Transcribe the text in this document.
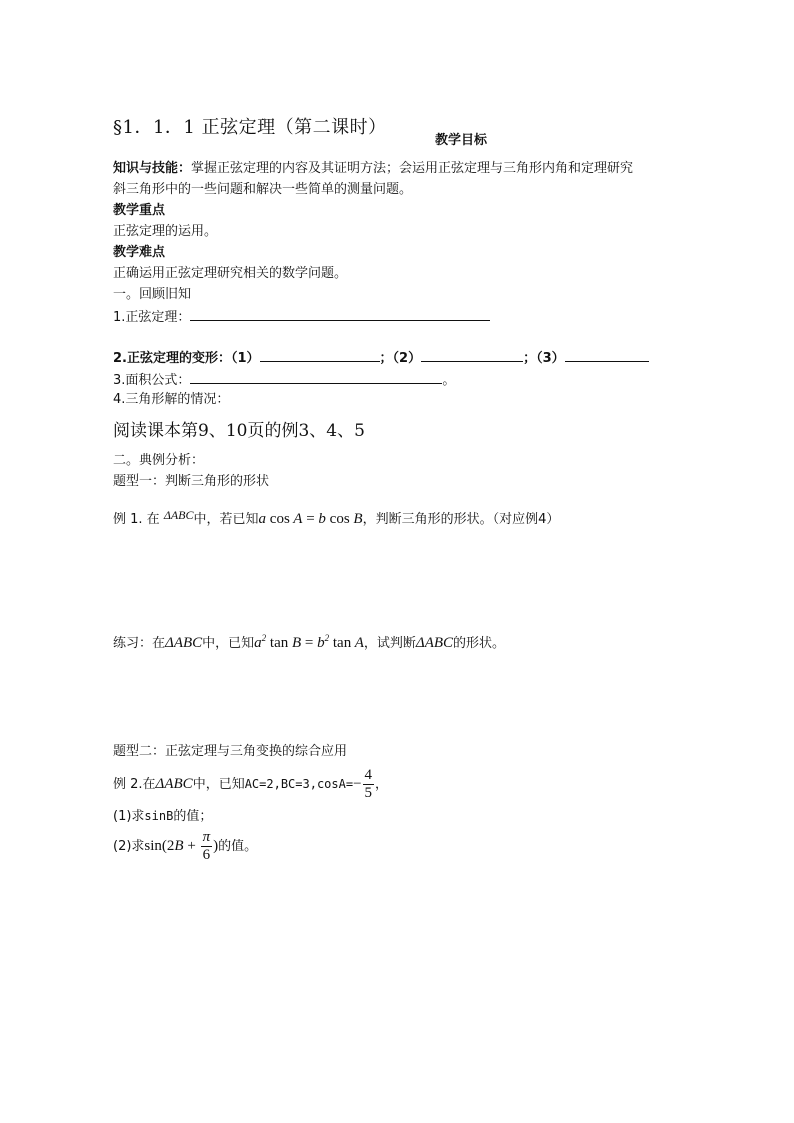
§1．1．1 正弦定理（第二课时）
教学目标
知识与技能：掌握正弦定理的内容及其证明方法；会运用正弦定理与三角形内角和定理研究
斜三角形中的一些问题和解决一些简单的测量问题。
教学重点
正弦定理的运用。
教学难点
正确运用正弦定理研究相关的数学问题。
一。回顾旧知
1.正弦定理：
2.正弦定理的变形：（1）	；（2）	；（3）
3.面积公式：	。
4.三角形解的情况：
阅读课本第9、10页的例3、4、5
二。典例分析：
题型一：判断三角形的形状
例 1. 在 ΔABC中，若已知a cos A = b cos B，判断三角形的形状。（对应例4）
练习：在ΔABC中，已知$a^2$ $\tan B = b^2$ tan A，试判断ΔABC的形状。
题型二：正弦定理与三角变换的综合应用
例 2.在ΔABC中，已知$AC=2,BC=3,\cos A=- \frac{4}{5}$ ，
(1)求sinB的值；
(2)求$\sin(2B + \frac{\pi}{6}$ )的值。
